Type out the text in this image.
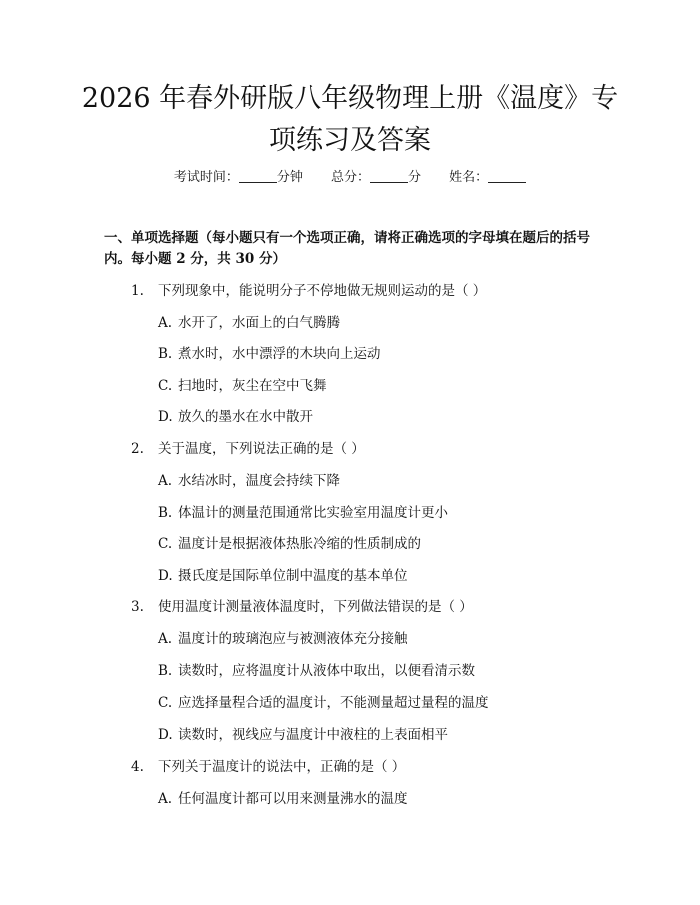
2026 年春外研版八年级物理上册《温度》专
项练习及答案
考试时间：	分钟 总分：	分 姓名：
一、单项选择题（每小题只有一个选项正确，请将正确选项的字母填在题后的括号内。每小题 2 分，共 30 分）
1. 下列现象中，能说明分子不停地做无规则运动的是（ ）
A. 水开了，水面上的白气腾腾
B. 煮水时，水中漂浮的木块向上运动
C. 扫地时，灰尘在空中飞舞
D. 放久的墨水在水中散开
2. 关于温度，下列说法正确的是（ ）
A. 水结冰时，温度会持续下降
B. 体温计的测量范围通常比实验室用温度计更小
C. 温度计是根据液体热胀冷缩的性质制成的
D. 摄氏度是国际单位制中温度的基本单位
3. 使用温度计测量液体温度时，下列做法错误的是（ ）
A. 温度计的玻璃泡应与被测液体充分接触
B. 读数时，应将温度计从液体中取出，以便看清示数
C. 应选择量程合适的温度计，不能测量超过量程的温度
D. 读数时，视线应与温度计中液柱的上表面相平
4. 下列关于温度计的说法中，正确的是（ ）
A. 任何温度计都可以用来测量沸水的温度
